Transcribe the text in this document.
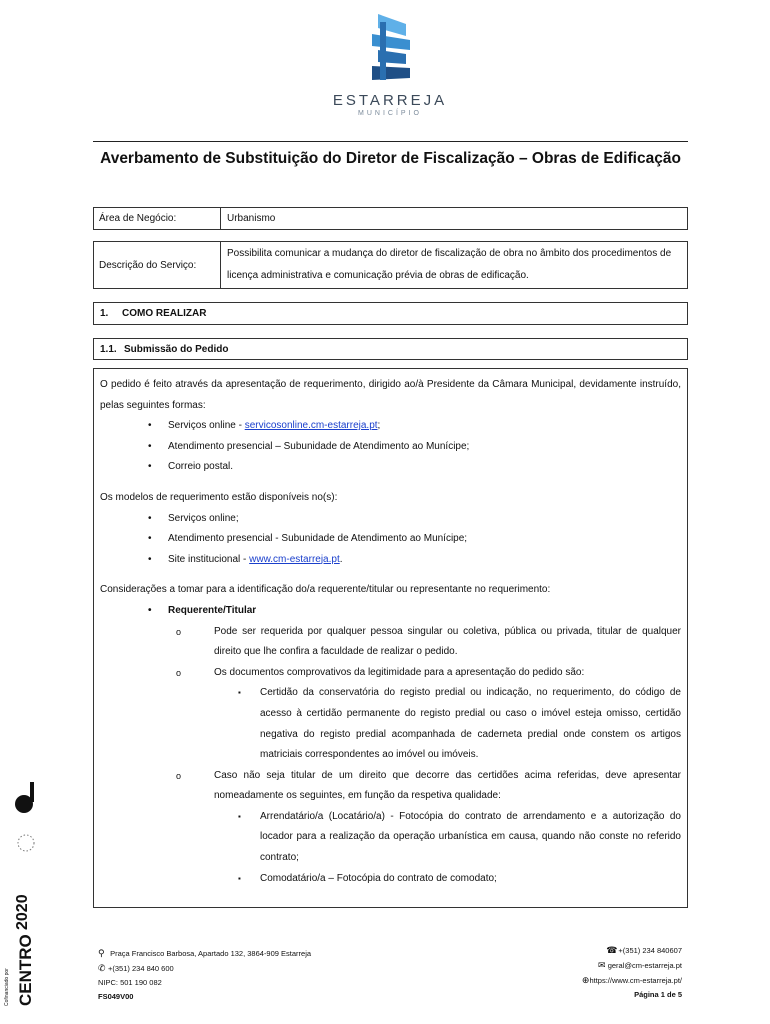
ESTARREJA
MUNICÍPIO
Averbamento de Substituição do Diretor de Fiscalização – Obras de Edificação
Área de Negócio:	Urbanismo
Descrição do Serviço:
Possibilita comunicar a mudança do diretor de fiscalização de obra no âmbito dos procedimentos de licença administrativa e comunicação prévia de obras de edificação.
1.	COMO REALIZAR
1.1. Submissão do Pedido

O pedido é feito através da apresentação de requerimento, dirigido ao/à Presidente da Câmara Municipal, devidamente instruído, pelas seguintes formas:

• Serviços online - servicosonline.cm-estarreja.pt;
• Atendimento presencial – Subunidade de Atendimento ao Munícipe;
• Correio postal.

Os modelos de requerimento estão disponíveis no(s):

• Serviços online;
• Atendimento presencial - Subunidade de Atendimento ao Munícipe;
• Site institucional - www.cm-estarreja.pt.

Considerações a tomar para a identificação do/a requerente/titular ou representante no requerimento:

• Requerente/Titular
o Pode ser requerida por qualquer pessoa singular ou coletiva, pública ou privada, titular de qualquer direito que lhe confira a faculdade de realizar o pedido.
o Os documentos comprovativos da legitimidade para a apresentação do pedido são:
▪ Certidão da conservatória do registo predial ou indicação, no requerimento, do código de acesso à certidão permanente do registo predial ou caso o imóvel esteja omisso, certidão negativa do registo predial acompanhada de caderneta predial onde constem os artigos matriciais correspondentes ao imóvel ou imóveis.
o Caso não seja titular de um direito que decorre das certidões acima referidas, deve apresentar nomeadamente os seguintes, em função da respetiva qualidade:
▪ Arrendatário/a (Locatário/a) - Fotocópia do contrato de arrendamento e a autorização do locador para a realização da operação urbanística em causa, quando não conste no referido contrato;
▪ Comodatário/a – Fotocópia do contrato de comodato;
2020
CENTRO
Cofinanciado por
⚲ Praça Francisco Barbosa, Apartado 132, 3864-909 Estarreja
✆ +(351) 234 840 600
NIPC: 501 190 082
FS049V00
☎ +(351) 234 840607
✉ geral@cm-estarreja.pt
⊕https://www.cm-estarreja.pt/
Página 1 de 5
